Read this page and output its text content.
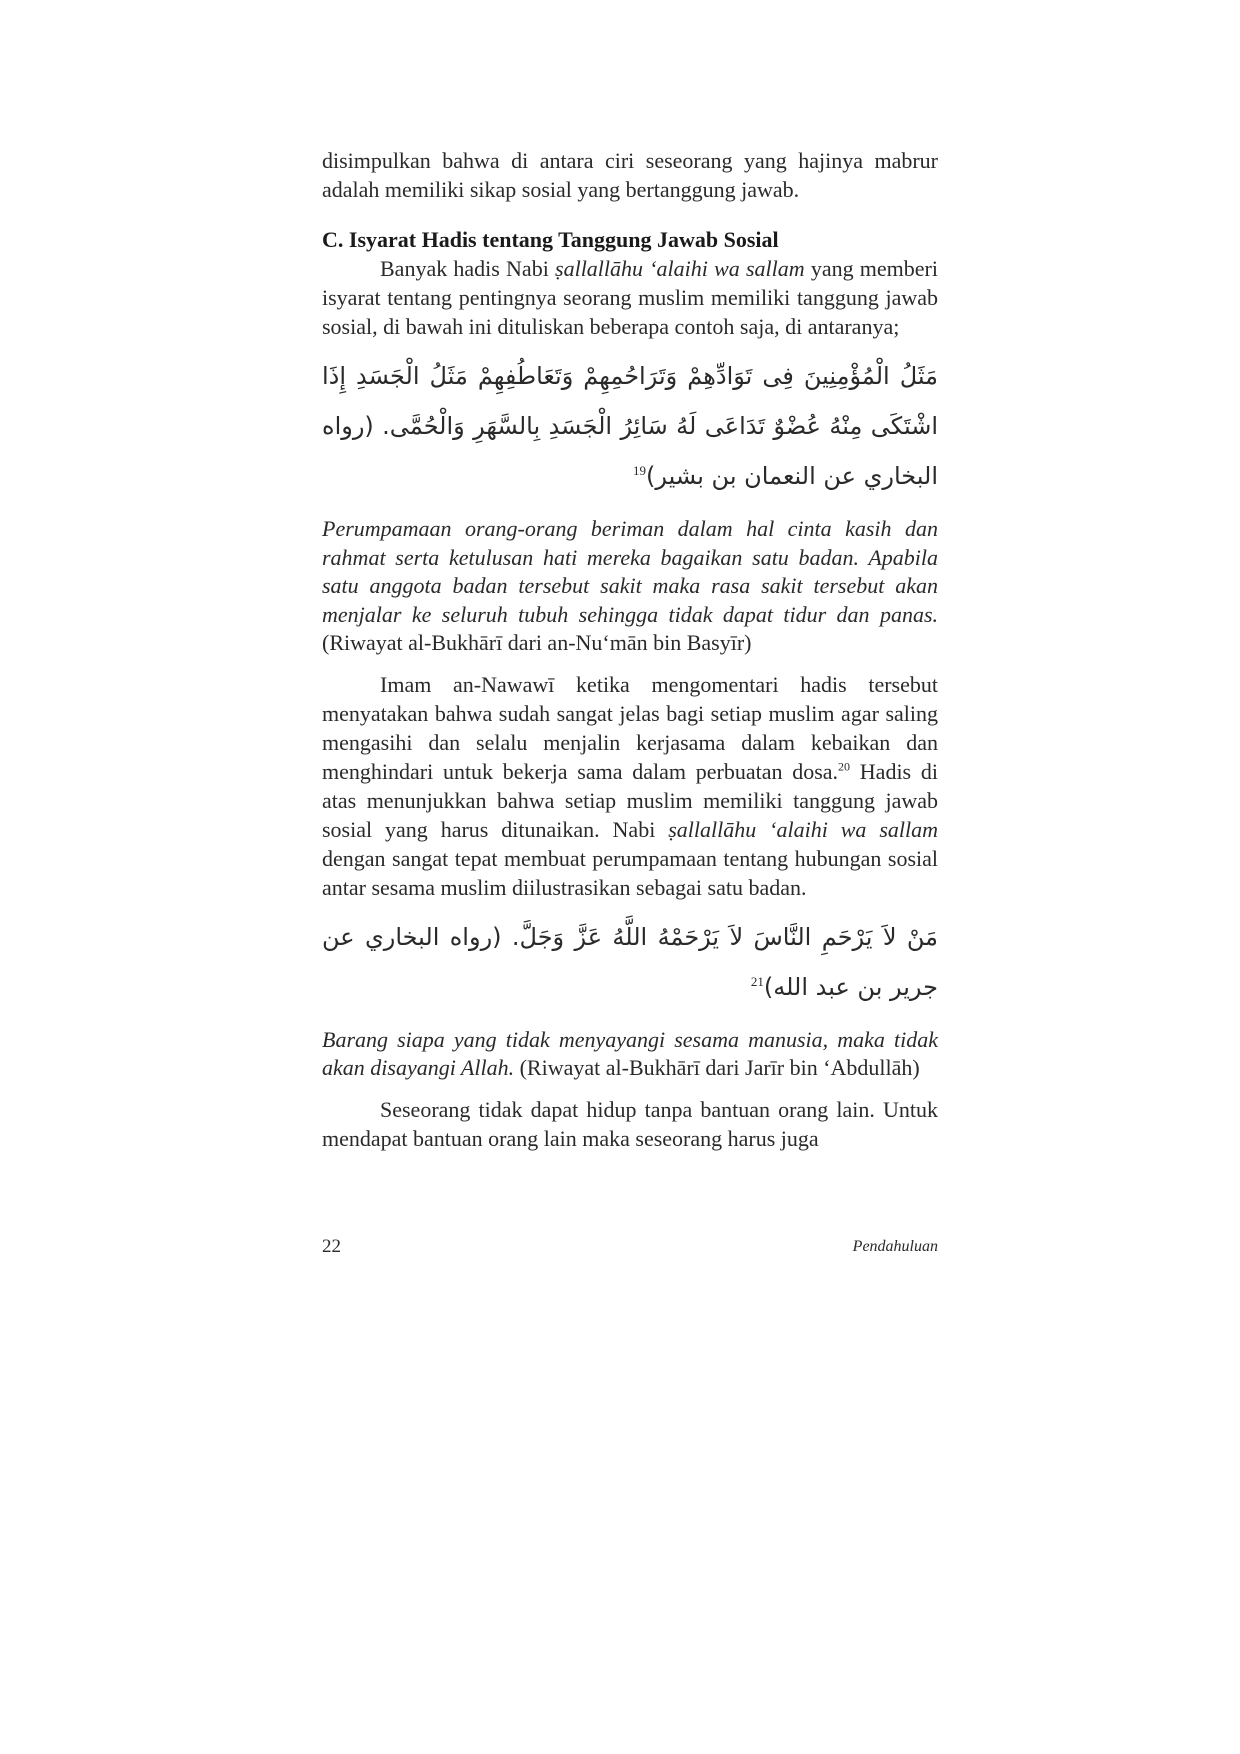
disimpulkan bahwa di antara ciri seseorang yang hajinya mabrur adalah memiliki sikap sosial yang bertanggung jawab.

C. Isyarat Hadis tentang Tanggung Jawab Sosial

Banyak hadis Nabi ṣallallāhu ‘alaihi wa sallam yang memberi isyarat tentang pentingnya seorang muslim memiliki tanggung jawab sosial, di bawah ini dituliskan beberapa contoh saja, di antaranya;

مَثَلُ الْمُؤْمِنِينَ فِى تَوَادِّهِمْ وَتَرَاحُمِهِمْ وَتَعَاطُفِهِمْ مَثَلُ الْجَسَدِ إِذَا اشْتَكَى مِنْهُ عُضْوٌ تَدَاعَى لَهُ سَائِرُ الْجَسَدِ بِالسَّهَرِ وَالْحُمَّى. (رواه البخاري عن النعمان بن بشير)$^{19}$

Perumpamaan orang-orang beriman dalam hal cinta kasih dan rahmat serta ketulusan hati mereka bagaikan satu badan. Apabila satu anggota badan tersebut sakit maka rasa sakit tersebut akan menjalar ke seluruh tubuh sehingga tidak dapat tidur dan panas. (Riwayat al-Bukhārī dari an-Nu‘mān bin Basyīr)

Imam an-Nawawī ketika mengomentari hadis tersebut menyatakan bahwa sudah sangat jelas bagi setiap muslim agar saling mengasihi dan selalu menjalin kerjasama dalam kebaikan dan menghindari untuk bekerja sama dalam perbuatan dosa.$^{20}$ Hadis di atas menunjukkan bahwa setiap muslim memiliki tanggung jawab sosial yang harus ditunaikan. Nabi ṣallallāhu ‘alaihi wa sallam dengan sangat tepat membuat perumpamaan tentang hubungan sosial antar sesama muslim diilustrasikan sebagai satu badan.

مَنْ لاَ يَرْحَمِ النَّاسَ لاَ يَرْحَمْهُ اللَّهُ عَزَّ وَجَلَّ. (رواه البخاري عن جرير بن عبد الله)$^{21}$

Barang siapa yang tidak menyayangi sesama manusia, maka tidak akan disayangi Allah. (Riwayat al-Bukhārī dari Jarīr bin ‘Abdullāh)

Seseorang tidak dapat hidup tanpa bantuan orang lain. Untuk mendapat bantuan orang lain maka seseorang harus juga

22	Pendahuluan
